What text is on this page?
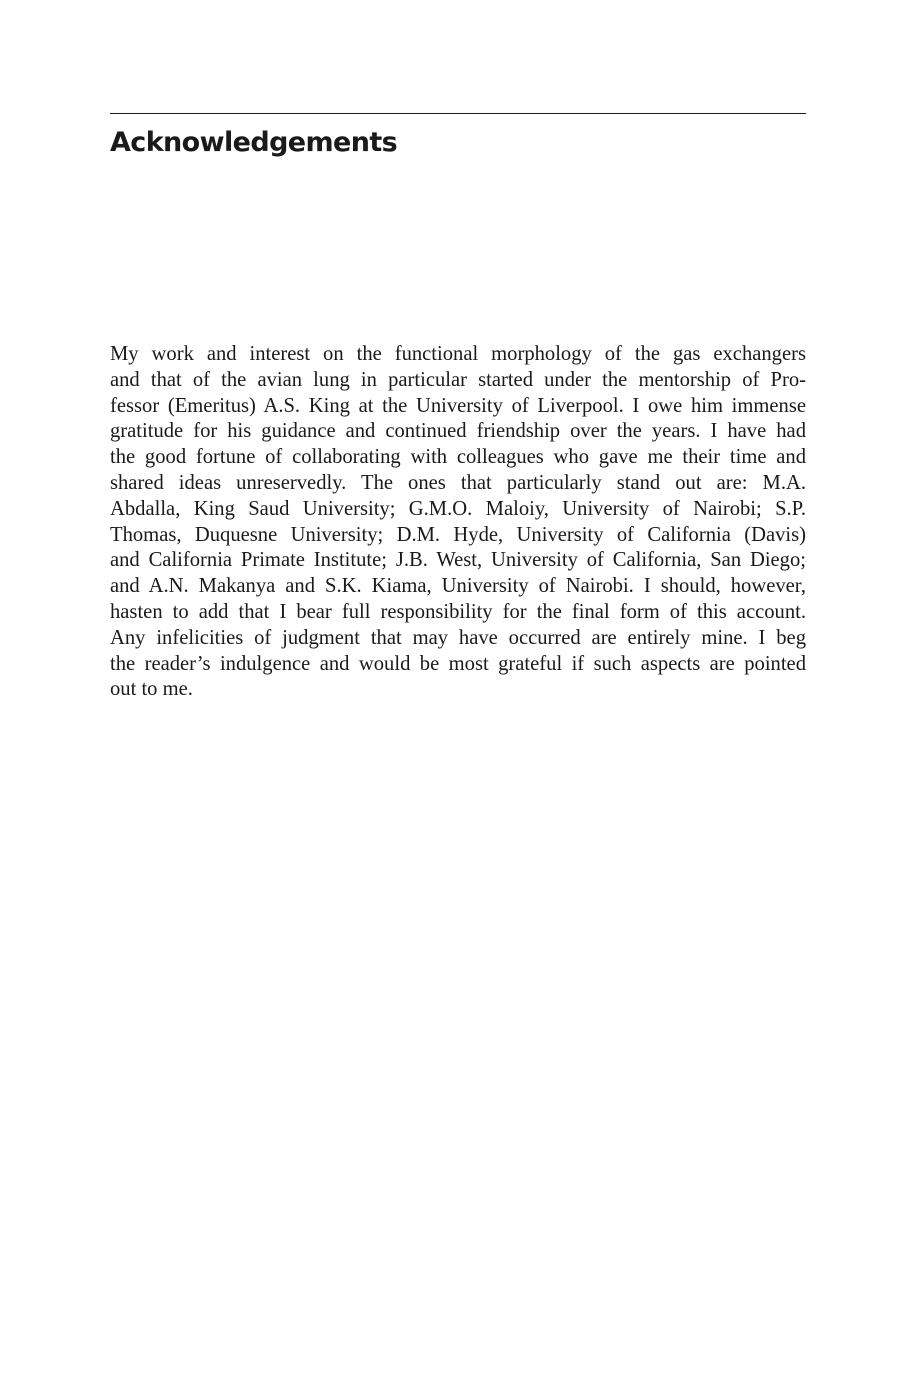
Acknowledgements

My work and interest on the functional morphology of the gas exchangers
and that of the avian lung in particular started under the mentorship of Pro-
fessor (Emeritus) A.S. King at the University of Liverpool. I owe him immense
gratitude for his guidance and continued friendship over the years. I have had
the good fortune of collaborating with colleagues who gave me their time and
shared ideas unreservedly. The ones that particularly stand out are: M.A.
Abdalla, King Saud University; G.M.O. Maloiy, University of Nairobi; S.P.
Thomas, Duquesne University; D.M. Hyde, University of California (Davis)
and California Primate Institute; J.B. West, University of California, San Diego;
and A.N. Makanya and S.K. Kiama, University of Nairobi. I should, however,
hasten to add that I bear full responsibility for the final form of this account.
Any infelicities of judgment that may have occurred are entirely mine. I beg
the reader’s indulgence and would be most grateful if such aspects are pointed
out to me.
